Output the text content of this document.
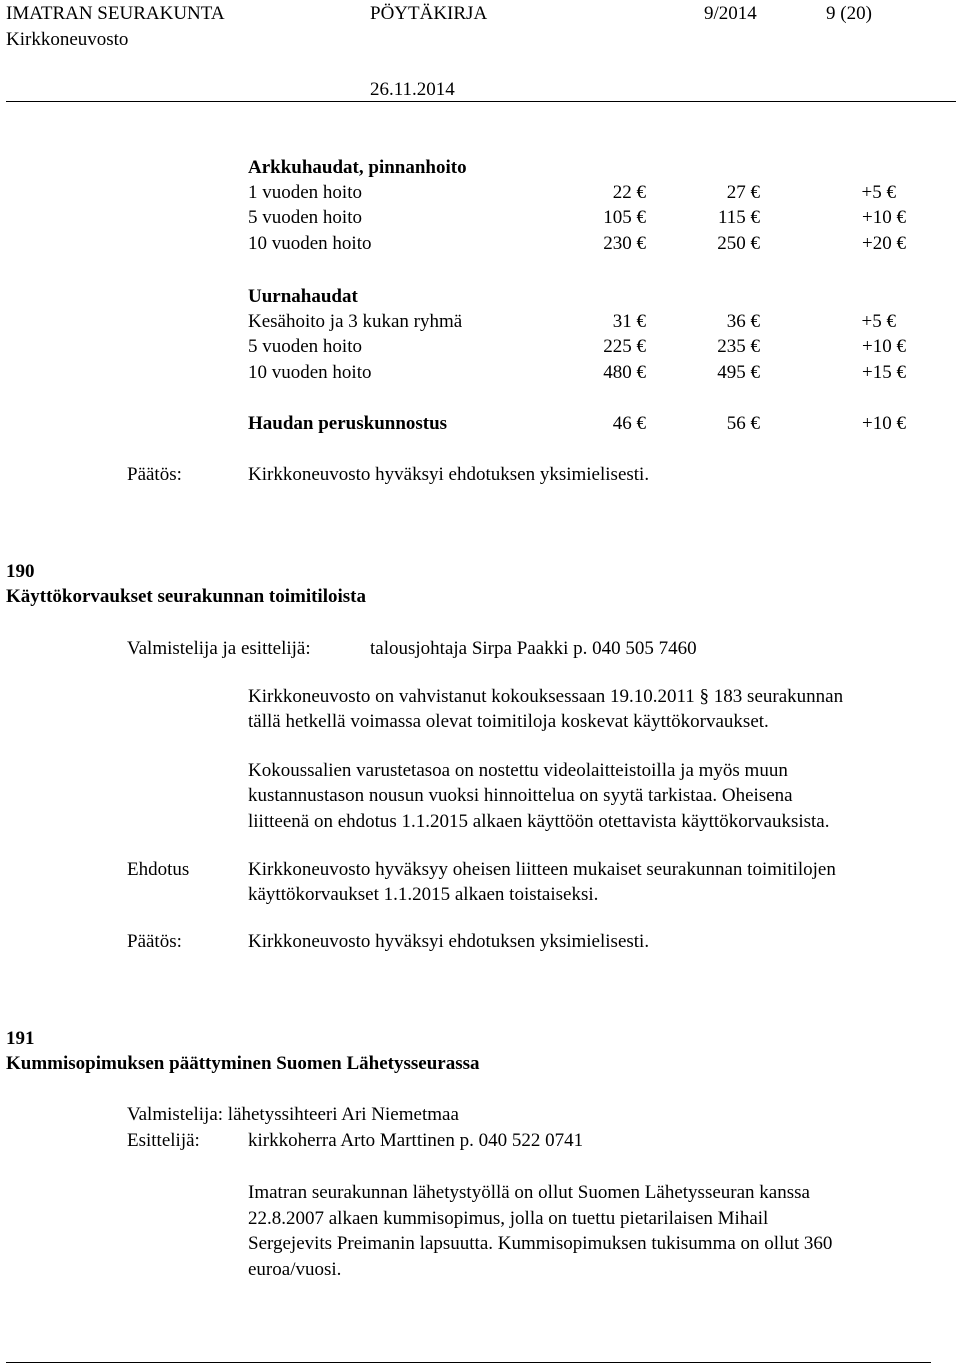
IMATRAN SEURAKUNTA	PÖYTÄKIRJA	9/2014	9 (20)
Kirkkoneuvosto
26.11.2014
Arkkuhaudat, pinnanhoito
1 vuoden hoito	22 €	27 €	+5 €
5 vuoden hoito	105 €	115 €	+10 €
10 vuoden hoito	230 €	250 €	+20 €
Uurnahaudat
Kesähoito ja 3 kukan ryhmä	31 €	36 €	+5 €
5 vuoden hoito	225 €	235 €	+10 €
10 vuoden hoito	480 €	495 €	+15 €
Haudan peruskunnostus	46 €	56 €	+10 €
Päätös:	Kirkkoneuvosto hyväksyi ehdotuksen yksimielisesti.
190
Käyttökorvaukset seurakunnan toimitiloista
Valmistelija ja esittelijä:	talousjohtaja Sirpa Paakki p. 040 505 7460
Kirkkoneuvosto on vahvistanut kokouksessaan 19.10.2011 § 183 seurakunnan
tällä hetkellä voimassa olevat toimitiloja koskevat käyttökorvaukset.
Kokoussalien varustetasoa on nostettu videolaitteistoilla ja myös muun
kustannustason nousun vuoksi hinnoittelua on syytä tarkistaa. Oheisena
liitteenä on ehdotus 1.1.2015 alkaen käyttöön otettavista käyttökorvauksista.
Ehdotus	Kirkkoneuvosto hyväksyy oheisen liitteen mukaiset seurakunnan toimitilojen
käyttökorvaukset 1.1.2015 alkaen toistaiseksi.
Päätös:	Kirkkoneuvosto hyväksyi ehdotuksen yksimielisesti.
191
Kummisopimuksen päättyminen Suomen Lähetysseurassa
Valmistelija: lähetyssihteeri Ari Niemetmaa
Esittelijä:	kirkkoherra Arto Marttinen p. 040 522 0741
Imatran seurakunnan lähetystyöllä on ollut Suomen Lähetysseuran kanssa
22.8.2007 alkaen kummisopimus, jolla on tuettu pietarilaisen Mihail
Sergejevits Preimanin lapsuutta. Kummisopimuksen tukisumma on ollut 360
euroa/vuosi.
